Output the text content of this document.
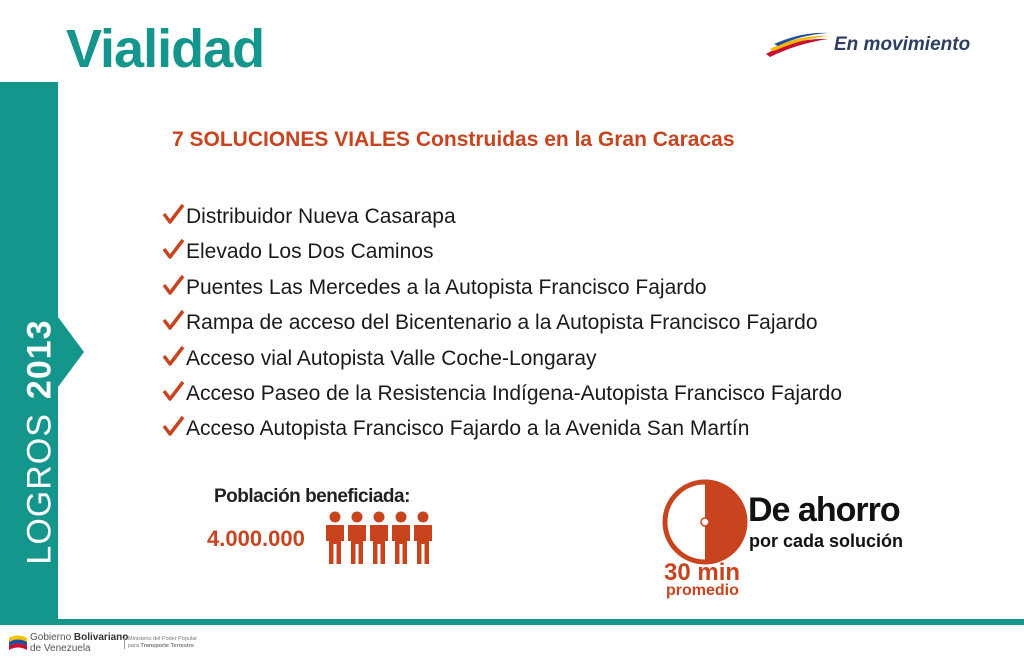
Vialidad	En movimiento
LOGROS2013
7 SOLUCIONES VIALES Construidas en la Gran Caracas
Distribuidor Nueva Casarapa
Elevado Los Dos Caminos
Puentes Las Mercedes a la Autopista Francisco Fajardo
Rampa de acceso del Bicentenario a la Autopista Francisco Fajardo
Acceso vial Autopista Valle Coche-Longaray
Acceso Paseo de la Resistencia Indígena-Autopista Francisco Fajardo
Acceso Autopista Francisco Fajardo a la Avenida San Martín
Población beneficiada:
4.000.000
De ahorro
por cada solución
30 min
promedio
Gobierno Bolivariano
de Venezuela
Ministerio del Poder Popular
para Transporte Terrestre
